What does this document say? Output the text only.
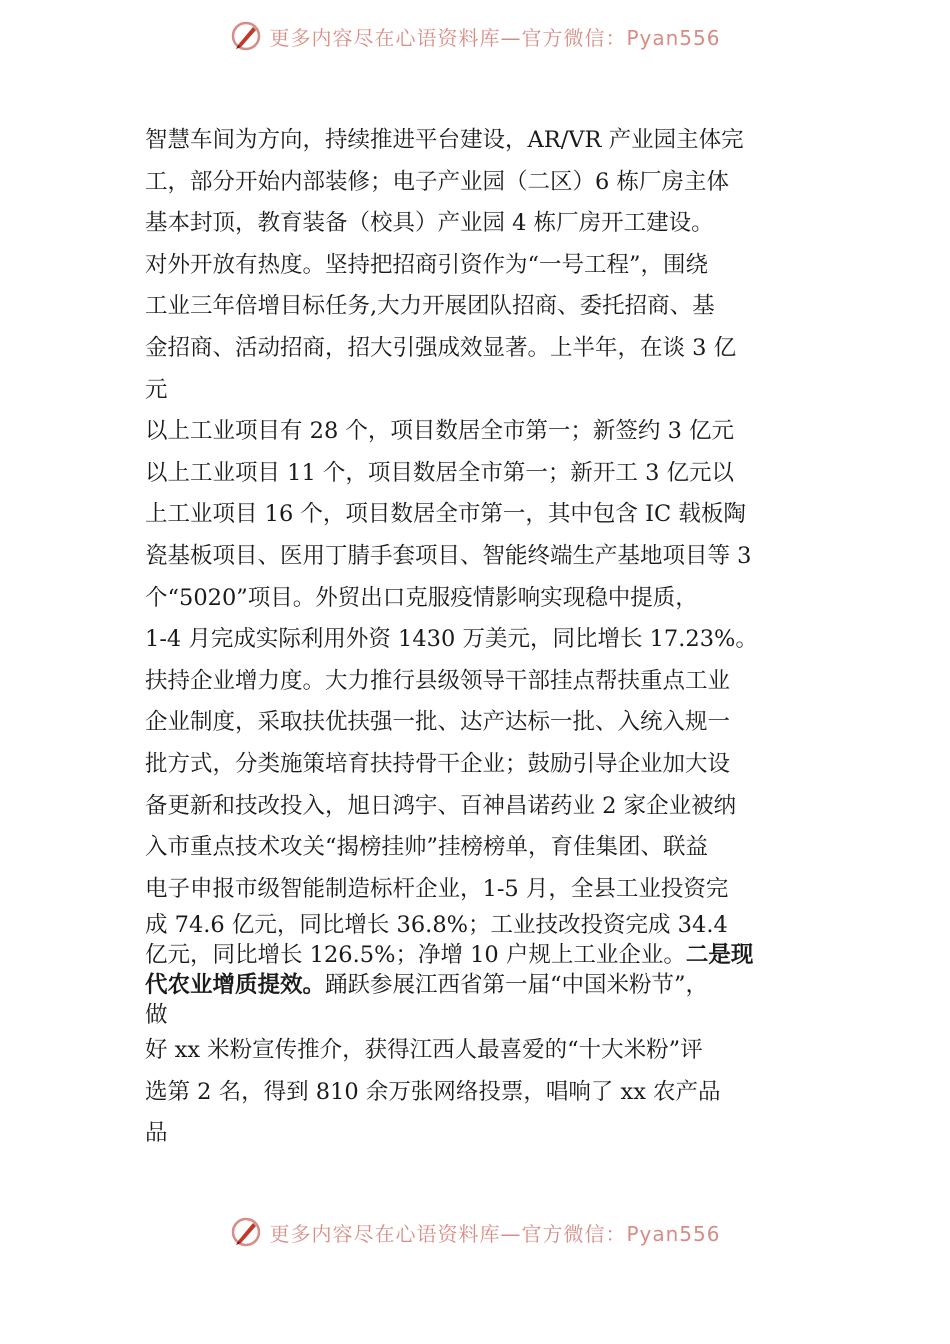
更多内容尽在心语资料库—官方微信：Pyan556
智慧车间为方向，持续推进平台建设，AR/VR 产业园主体完
工，部分开始内部装修；电子产业园（二区）6 栋厂房主体
基本封顶，教育装备（校具）产业园 4 栋厂房开工建设。
对外开放有热度。坚持把招商引资作为“一号工程”，围绕
工业三年倍增目标任务,大力开展团队招商、委托招商、基
金招商、活动招商，招大引强成效显著。上半年，在谈 3 亿
元
以上工业项目有 28 个，项目数居全市第一；新签约 3 亿元
以上工业项目 11 个，项目数居全市第一；新开工 3 亿元以
上工业项目 16 个，项目数居全市第一，其中包含 IC 载板陶
瓷基板项目、医用丁腈手套项目、智能终端生产基地项目等 3
个“5020”项目。外贸出口克服疫情影响实现稳中提质，
1-4 月完成实际利用外资 1430 万美元，同比增长 17.23%。
扶持企业增力度。大力推行县级领导干部挂点帮扶重点工业
企业制度，采取扶优扶强一批、达产达标一批、入统入规一
批方式，分类施策培育扶持骨干企业；鼓励引导企业加大设
备更新和技改投入，旭日鸿宇、百神昌诺药业 2 家企业被纳
入市重点技术攻关“揭榜挂帅”挂榜榜单，育佳集团、联益
电子申报市级智能制造标杆企业，1-5 月，全县工业投资完
成 74.6 亿元，同比增长 36.8%；工业技改投资完成 34.4
亿元，同比增长 126.5%；净增 10 户规上工业企业。二是现
代农业增质提效。踊跃参展江西省第一届“中国米粉节”，
做
好 xx 米粉宣传推介，获得江西人最喜爱的“十大米粉”评
选第 2 名，得到 810 余万张网络投票，唱响了 xx 农产品
品
更多内容尽在心语资料库—官方微信：Pyan556
